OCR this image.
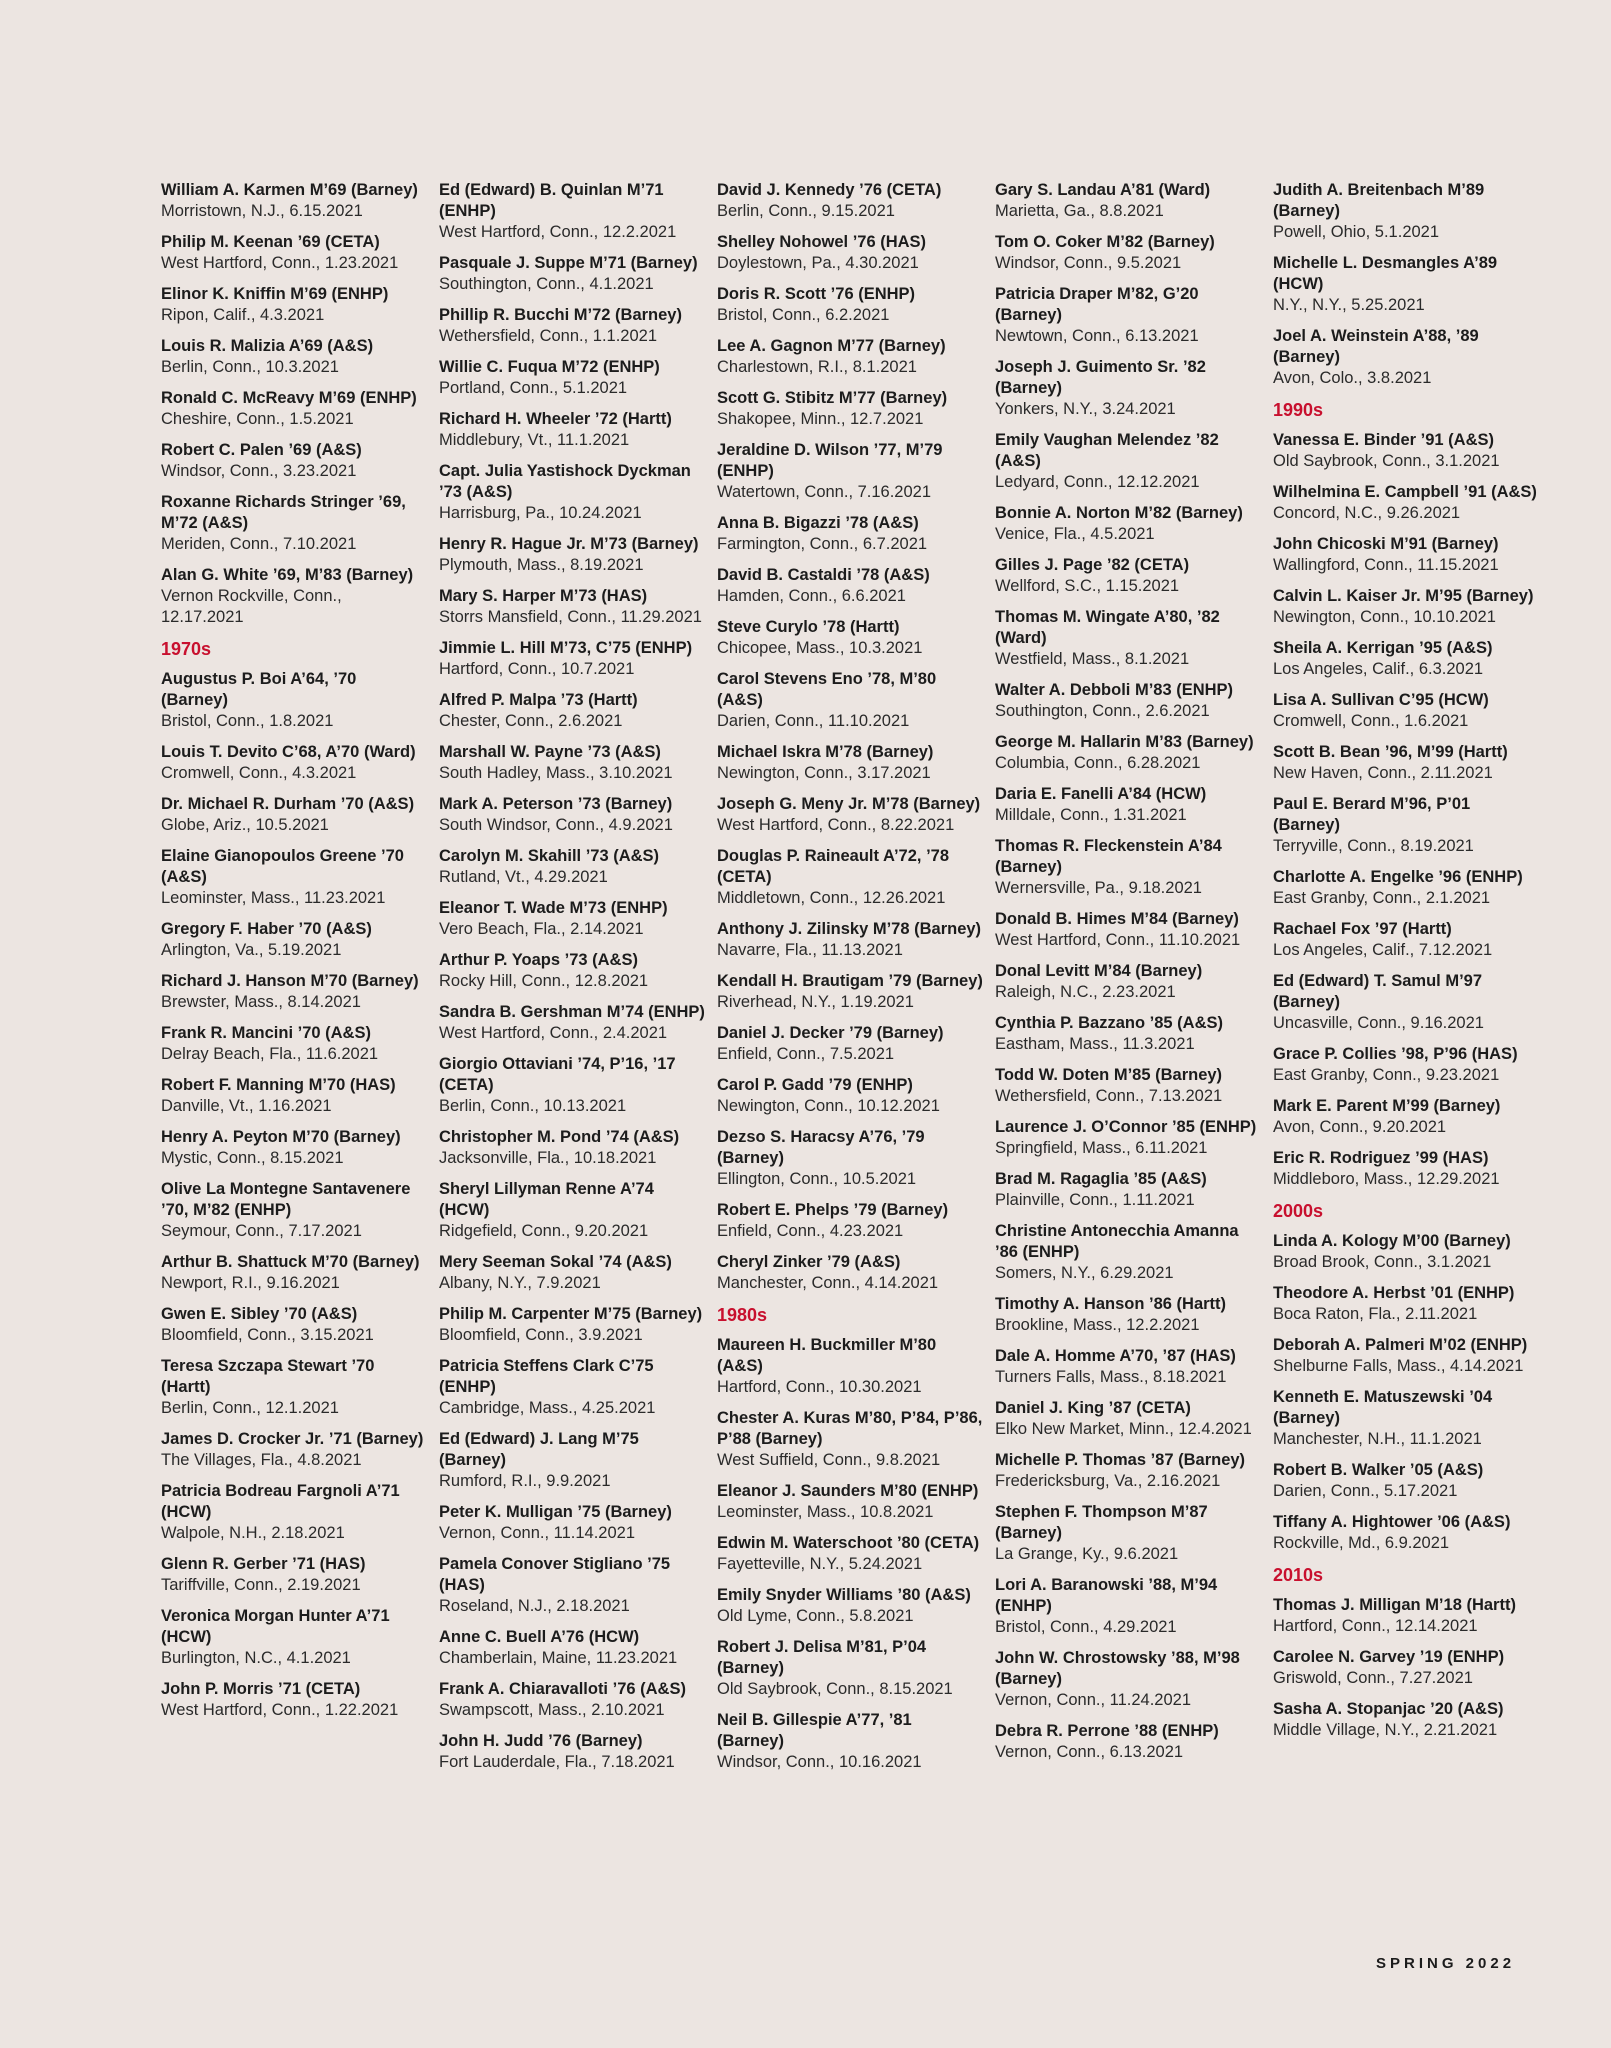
William A. Karmen M’69 (Barney)
Morristown, N.J., 6.15.2021
Philip M. Keenan ’69 (CETA)
West Hartford, Conn., 1.23.2021
Elinor K. Kniffin M’69 (ENHP)
Ripon, Calif., 4.3.2021
Louis R. Malizia A’69 (A&S)
Berlin, Conn., 10.3.2021
Ronald C. McReavy M’69 (ENHP)
Cheshire, Conn., 1.5.2021
Robert C. Palen ’69 (A&S)
Windsor, Conn., 3.23.2021
Roxanne Richards Stringer ’69, M’72 (A&S)
Meriden, Conn., 7.10.2021
Alan G. White ’69, M’83 (Barney)
Vernon Rockville, Conn., 12.17.2021
1970s
Augustus P. Boi A’64, ’70 (Barney)
Bristol, Conn., 1.8.2021
Louis T. Devito C’68, A’70 (Ward)
Cromwell, Conn., 4.3.2021
Dr. Michael R. Durham ’70 (A&S)
Globe, Ariz., 10.5.2021
Elaine Gianopoulos Greene ’70 (A&S)
Leominster, Mass., 11.23.2021
Gregory F. Haber ’70 (A&S)
Arlington, Va., 5.19.2021
Richard J. Hanson M’70 (Barney)
Brewster, Mass., 8.14.2021
Frank R. Mancini ’70 (A&S)
Delray Beach, Fla., 11.6.2021
Robert F. Manning M’70 (HAS)
Danville, Vt., 1.16.2021
Henry A. Peyton M’70 (Barney)
Mystic, Conn., 8.15.2021
Olive La Montegne Santavenere ’70, M’82 (ENHP)
Seymour, Conn., 7.17.2021
Arthur B. Shattuck M’70 (Barney)
Newport, R.I., 9.16.2021
Gwen E. Sibley ’70 (A&S)
Bloomfield, Conn., 3.15.2021
Teresa Szczapa Stewart ’70 (Hartt)
Berlin, Conn., 12.1.2021
James D. Crocker Jr. ’71 (Barney)
The Villages, Fla., 4.8.2021
Patricia Bodreau Fargnoli A’71 (HCW)
Walpole, N.H., 2.18.2021
Glenn R. Gerber ’71 (HAS)
Tariffville, Conn., 2.19.2021
Veronica Morgan Hunter A’71 (HCW)
Burlington, N.C., 4.1.2021
John P. Morris ’71 (CETA)
West Hartford, Conn., 1.22.2021
Ed (Edward) B. Quinlan M’71 (ENHP)
West Hartford, Conn., 12.2.2021
Pasquale J. Suppe M’71 (Barney)
Southington, Conn., 4.1.2021
Phillip R. Bucchi M’72 (Barney)
Wethersfield, Conn., 1.1.2021
Willie C. Fuqua M’72 (ENHP)
Portland, Conn., 5.1.2021
Richard H. Wheeler ’72 (Hartt)
Middlebury, Vt., 11.1.2021
Capt. Julia Yastishock Dyckman ’73 (A&S)
Harrisburg, Pa., 10.24.2021
Henry R. Hague Jr. M’73 (Barney)
Plymouth, Mass., 8.19.2021
Mary S. Harper M’73 (HAS)
Storrs Mansfield, Conn., 11.29.2021
Jimmie L. Hill M’73, C’75 (ENHP)
Hartford, Conn., 10.7.2021
Alfred P. Malpa ’73 (Hartt)
Chester, Conn., 2.6.2021
Marshall W. Payne ’73 (A&S)
South Hadley, Mass., 3.10.2021
Mark A. Peterson ’73 (Barney)
South Windsor, Conn., 4.9.2021
Carolyn M. Skahill ’73 (A&S)
Rutland, Vt., 4.29.2021
Eleanor T. Wade M’73 (ENHP)
Vero Beach, Fla., 2.14.2021
Arthur P. Yoaps ’73 (A&S)
Rocky Hill, Conn., 12.8.2021
Sandra B. Gershman M’74 (ENHP)
West Hartford, Conn., 2.4.2021
Giorgio Ottaviani ’74, P’16, ’17 (CETA)
Berlin, Conn., 10.13.2021
Christopher M. Pond ’74 (A&S)
Jacksonville, Fla., 10.18.2021
Sheryl Lillyman Renne A’74 (HCW)
Ridgefield, Conn., 9.20.2021
Mery Seeman Sokal ’74 (A&S)
Albany, N.Y., 7.9.2021
Philip M. Carpenter M’75 (Barney)
Bloomfield, Conn., 3.9.2021
Patricia Steffens Clark C’75 (ENHP)
Cambridge, Mass., 4.25.2021
Ed (Edward) J. Lang M’75 (Barney)
Rumford, R.I., 9.9.2021
Peter K. Mulligan ’75 (Barney)
Vernon, Conn., 11.14.2021
Pamela Conover Stigliano ’75 (HAS)
Roseland, N.J., 2.18.2021
Anne C. Buell A’76 (HCW)
Chamberlain, Maine, 11.23.2021
Frank A. Chiaravalloti ’76 (A&S)
Swampscott, Mass., 2.10.2021
John H. Judd ’76 (Barney)
Fort Lauderdale, Fla., 7.18.2021
David J. Kennedy ’76 (CETA)
Berlin, Conn., 9.15.2021
Shelley Nohowel ’76 (HAS)
Doylestown, Pa., 4.30.2021
Doris R. Scott ’76 (ENHP)
Bristol, Conn., 6.2.2021
Lee A. Gagnon M’77 (Barney)
Charlestown, R.I., 8.1.2021
Scott G. Stibitz M’77 (Barney)
Shakopee, Minn., 12.7.2021
Jeraldine D. Wilson ’77, M’79 (ENHP)
Watertown, Conn., 7.16.2021
Anna B. Bigazzi ’78 (A&S)
Farmington, Conn., 6.7.2021
David B. Castaldi ’78 (A&S)
Hamden, Conn., 6.6.2021
Steve Curylo ’78 (Hartt)
Chicopee, Mass., 10.3.2021
Carol Stevens Eno ’78, M’80 (A&S)
Darien, Conn., 11.10.2021
Michael Iskra M’78 (Barney)
Newington, Conn., 3.17.2021
Joseph G. Meny Jr. M’78 (Barney)
West Hartford, Conn., 8.22.2021
Douglas P. Raineault A’72, ’78 (CETA)
Middletown, Conn., 12.26.2021
Anthony J. Zilinsky M’78 (Barney)
Navarre, Fla., 11.13.2021
Kendall H. Brautigam ’79 (Barney)
Riverhead, N.Y., 1.19.2021
Daniel J. Decker ’79 (Barney)
Enfield, Conn., 7.5.2021
Carol P. Gadd ’79 (ENHP)
Newington, Conn., 10.12.2021
Dezso S. Haracsy A’76, ’79 (Barney)
Ellington, Conn., 10.5.2021
Robert E. Phelps ’79 (Barney)
Enfield, Conn., 4.23.2021
Cheryl Zinker ’79 (A&S)
Manchester, Conn., 4.14.2021
1980s
Maureen H. Buckmiller M’80 (A&S)
Hartford, Conn., 10.30.2021
Chester A. Kuras M’80, P’84, P’86, P’88 (Barney)
West Suffield, Conn., 9.8.2021
Eleanor J. Saunders M’80 (ENHP)
Leominster, Mass., 10.8.2021
Edwin M. Waterschoot ’80 (CETA)
Fayetteville, N.Y., 5.24.2021
Emily Snyder Williams ’80 (A&S)
Old Lyme, Conn., 5.8.2021
Robert J. Delisa M’81, P’04 (Barney)
Old Saybrook, Conn., 8.15.2021
Neil B. Gillespie A’77, ’81 (Barney)
Windsor, Conn., 10.16.2021
Gary S. Landau A’81 (Ward)
Marietta, Ga., 8.8.2021
Tom O. Coker M’82 (Barney)
Windsor, Conn., 9.5.2021
Patricia Draper M’82, G’20 (Barney)
Newtown, Conn., 6.13.2021
Joseph J. Guimento Sr. ’82 (Barney)
Yonkers, N.Y., 3.24.2021
Emily Vaughan Melendez ’82 (A&S)
Ledyard, Conn., 12.12.2021
Bonnie A. Norton M’82 (Barney)
Venice, Fla., 4.5.2021
Gilles J. Page ’82 (CETA)
Wellford, S.C., 1.15.2021
Thomas M. Wingate A’80, ’82 (Ward)
Westfield, Mass., 8.1.2021
Walter A. Debboli M’83 (ENHP)
Southington, Conn., 2.6.2021
George M. Hallarin M’83 (Barney)
Columbia, Conn., 6.28.2021
Daria E. Fanelli A’84 (HCW)
Milldale, Conn., 1.31.2021
Thomas R. Fleckenstein A’84 (Barney)
Wernersville, Pa., 9.18.2021
Donald B. Himes M’84 (Barney)
West Hartford, Conn., 11.10.2021
Donal Levitt M’84 (Barney)
Raleigh, N.C., 2.23.2021
Cynthia P. Bazzano ’85 (A&S)
Eastham, Mass., 11.3.2021
Todd W. Doten M’85 (Barney)
Wethersfield, Conn., 7.13.2021
Laurence J. O’Connor ’85 (ENHP)
Springfield, Mass., 6.11.2021
Brad M. Ragaglia ’85 (A&S)
Plainville, Conn., 1.11.2021
Christine Antonecchia Amanna ’86 (ENHP)
Somers, N.Y., 6.29.2021
Timothy A. Hanson ’86 (Hartt)
Brookline, Mass., 12.2.2021
Dale A. Homme A’70, ’87 (HAS)
Turners Falls, Mass., 8.18.2021
Daniel J. King ’87 (CETA)
Elko New Market, Minn., 12.4.2021
Michelle P. Thomas ’87 (Barney)
Fredericksburg, Va., 2.16.2021
Stephen F. Thompson M’87 (Barney)
La Grange, Ky., 9.6.2021
Lori A. Baranowski ’88, M’94 (ENHP)
Bristol, Conn., 4.29.2021
John W. Chrostowsky ’88, M’98 (Barney)
Vernon, Conn., 11.24.2021
Debra R. Perrone ’88 (ENHP)
Vernon, Conn., 6.13.2021
Judith A. Breitenbach M’89 (Barney)
Powell, Ohio, 5.1.2021
Michelle L. Desmangles A’89 (HCW)
N.Y., N.Y., 5.25.2021
Joel A. Weinstein A’88, ’89 (Barney)
Avon, Colo., 3.8.2021
1990s
Vanessa E. Binder ’91 (A&S)
Old Saybrook, Conn., 3.1.2021
Wilhelmina E. Campbell ’91 (A&S)
Concord, N.C., 9.26.2021
John Chicoski M’91 (Barney)
Wallingford, Conn., 11.15.2021
Calvin L. Kaiser Jr. M’95 (Barney)
Newington, Conn., 10.10.2021
Sheila A. Kerrigan ’95 (A&S)
Los Angeles, Calif., 6.3.2021
Lisa A. Sullivan C’95 (HCW)
Cromwell, Conn., 1.6.2021
Scott B. Bean ’96, M’99 (Hartt)
New Haven, Conn., 2.11.2021
Paul E. Berard M’96, P’01 (Barney)
Terryville, Conn., 8.19.2021
Charlotte A. Engelke ’96 (ENHP)
East Granby, Conn., 2.1.2021
Rachael Fox ’97 (Hartt)
Los Angeles, Calif., 7.12.2021
Ed (Edward) T. Samul M’97 (Barney)
Uncasville, Conn., 9.16.2021
Grace P. Collies ’98, P’96 (HAS)
East Granby, Conn., 9.23.2021
Mark E. Parent M’99 (Barney)
Avon, Conn., 9.20.2021
Eric R. Rodriguez ’99 (HAS)
Middleboro, Mass., 12.29.2021
2000s
Linda A. Kology M’00 (Barney)
Broad Brook, Conn., 3.1.2021
Theodore A. Herbst ’01 (ENHP)
Boca Raton, Fla., 2.11.2021
Deborah A. Palmeri M’02 (ENHP)
Shelburne Falls, Mass., 4.14.2021
Kenneth E. Matuszewski ’04 (Barney)
Manchester, N.H., 11.1.2021
Robert B. Walker ’05 (A&S)
Darien, Conn., 5.17.2021
Tiffany A. Hightower ’06 (A&S)
Rockville, Md., 6.9.2021
2010s
Thomas J. Milligan M’18 (Hartt)
Hartford, Conn., 12.14.2021
Carolee N. Garvey ’19 (ENHP)
Griswold, Conn., 7.27.2021
Sasha A. Stopanjac ’20 (A&S)
Middle Village, N.Y., 2.21.2021
SPRING 2022
